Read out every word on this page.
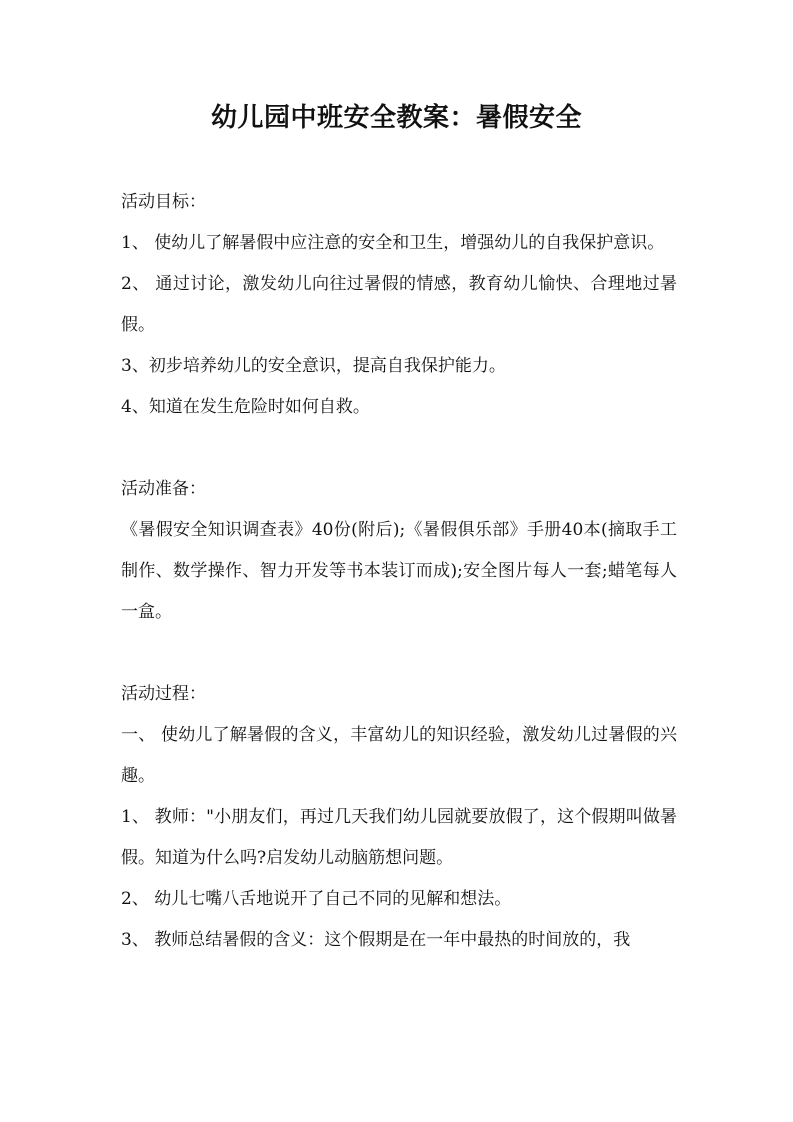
幼儿园中班安全教案：暑假安全

活动目标：

1、 使幼儿了解暑假中应注意的安全和卫生，增强幼儿的自我保护意识。

2、 通过讨论，激发幼儿向往过暑假的情感，教育幼儿愉快、合理地过暑假。

3、初步培养幼儿的安全意识，提高自我保护能力。

4、知道在发生危险时如何自救。

活动准备：

《暑假安全知识调查表》40份(附后);《暑假俱乐部》手册40本(摘取手工制作、数学操作、智力开发等书本装订而成);安全图片每人一套;蜡笔每人一盒。

活动过程：

一、 使幼儿了解暑假的含义，丰富幼儿的知识经验，激发幼儿过暑假的兴趣。

1、 教师："小朋友们，再过几天我们幼儿园就要放假了，这个假期叫做暑假。知道为什么吗?启发幼儿动脑筋想问题。

2、 幼儿七嘴八舌地说开了自己不同的见解和想法。

3、 教师总结暑假的含义：这个假期是在一年中最热的时间放的，我
